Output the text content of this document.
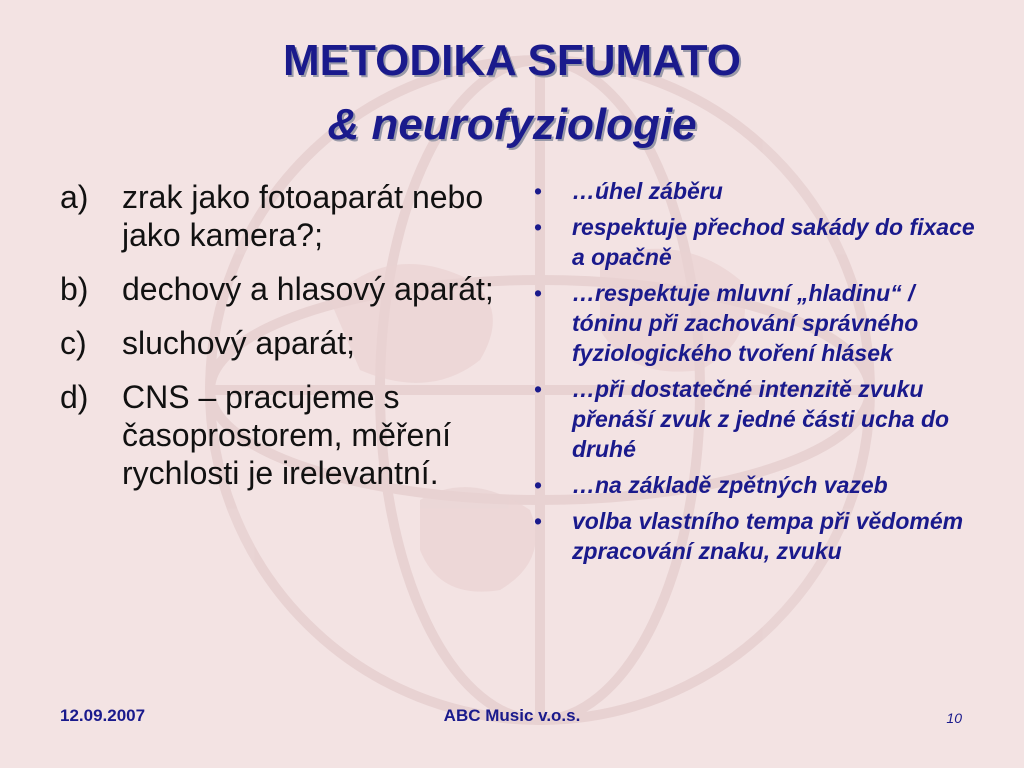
METODIKA SFUMATO
& neurofyziologie
a) zrak jako fotoaparát nebo jako kamera?;
b) dechový a hlasový aparát;
c) sluchový aparát;
d) CNS – pracujeme s časoprostorem, měření rychlosti je irelevantní.
• …úhel záběru
• respektuje přechod sakády do fixace a opačně
• …respektuje mluvní „hladinu“ / tóninu při zachování správného fyziologického tvoření hlásek
• …při dostatečné intenzitě zvuku přenáší zvuk z jedné části ucha do druhé
• …na základě zpětných vazeb
• volba vlastního tempa při vědomém zpracování znaku, zvuku
12.09.2007	ABC Music v.o.s.	10
